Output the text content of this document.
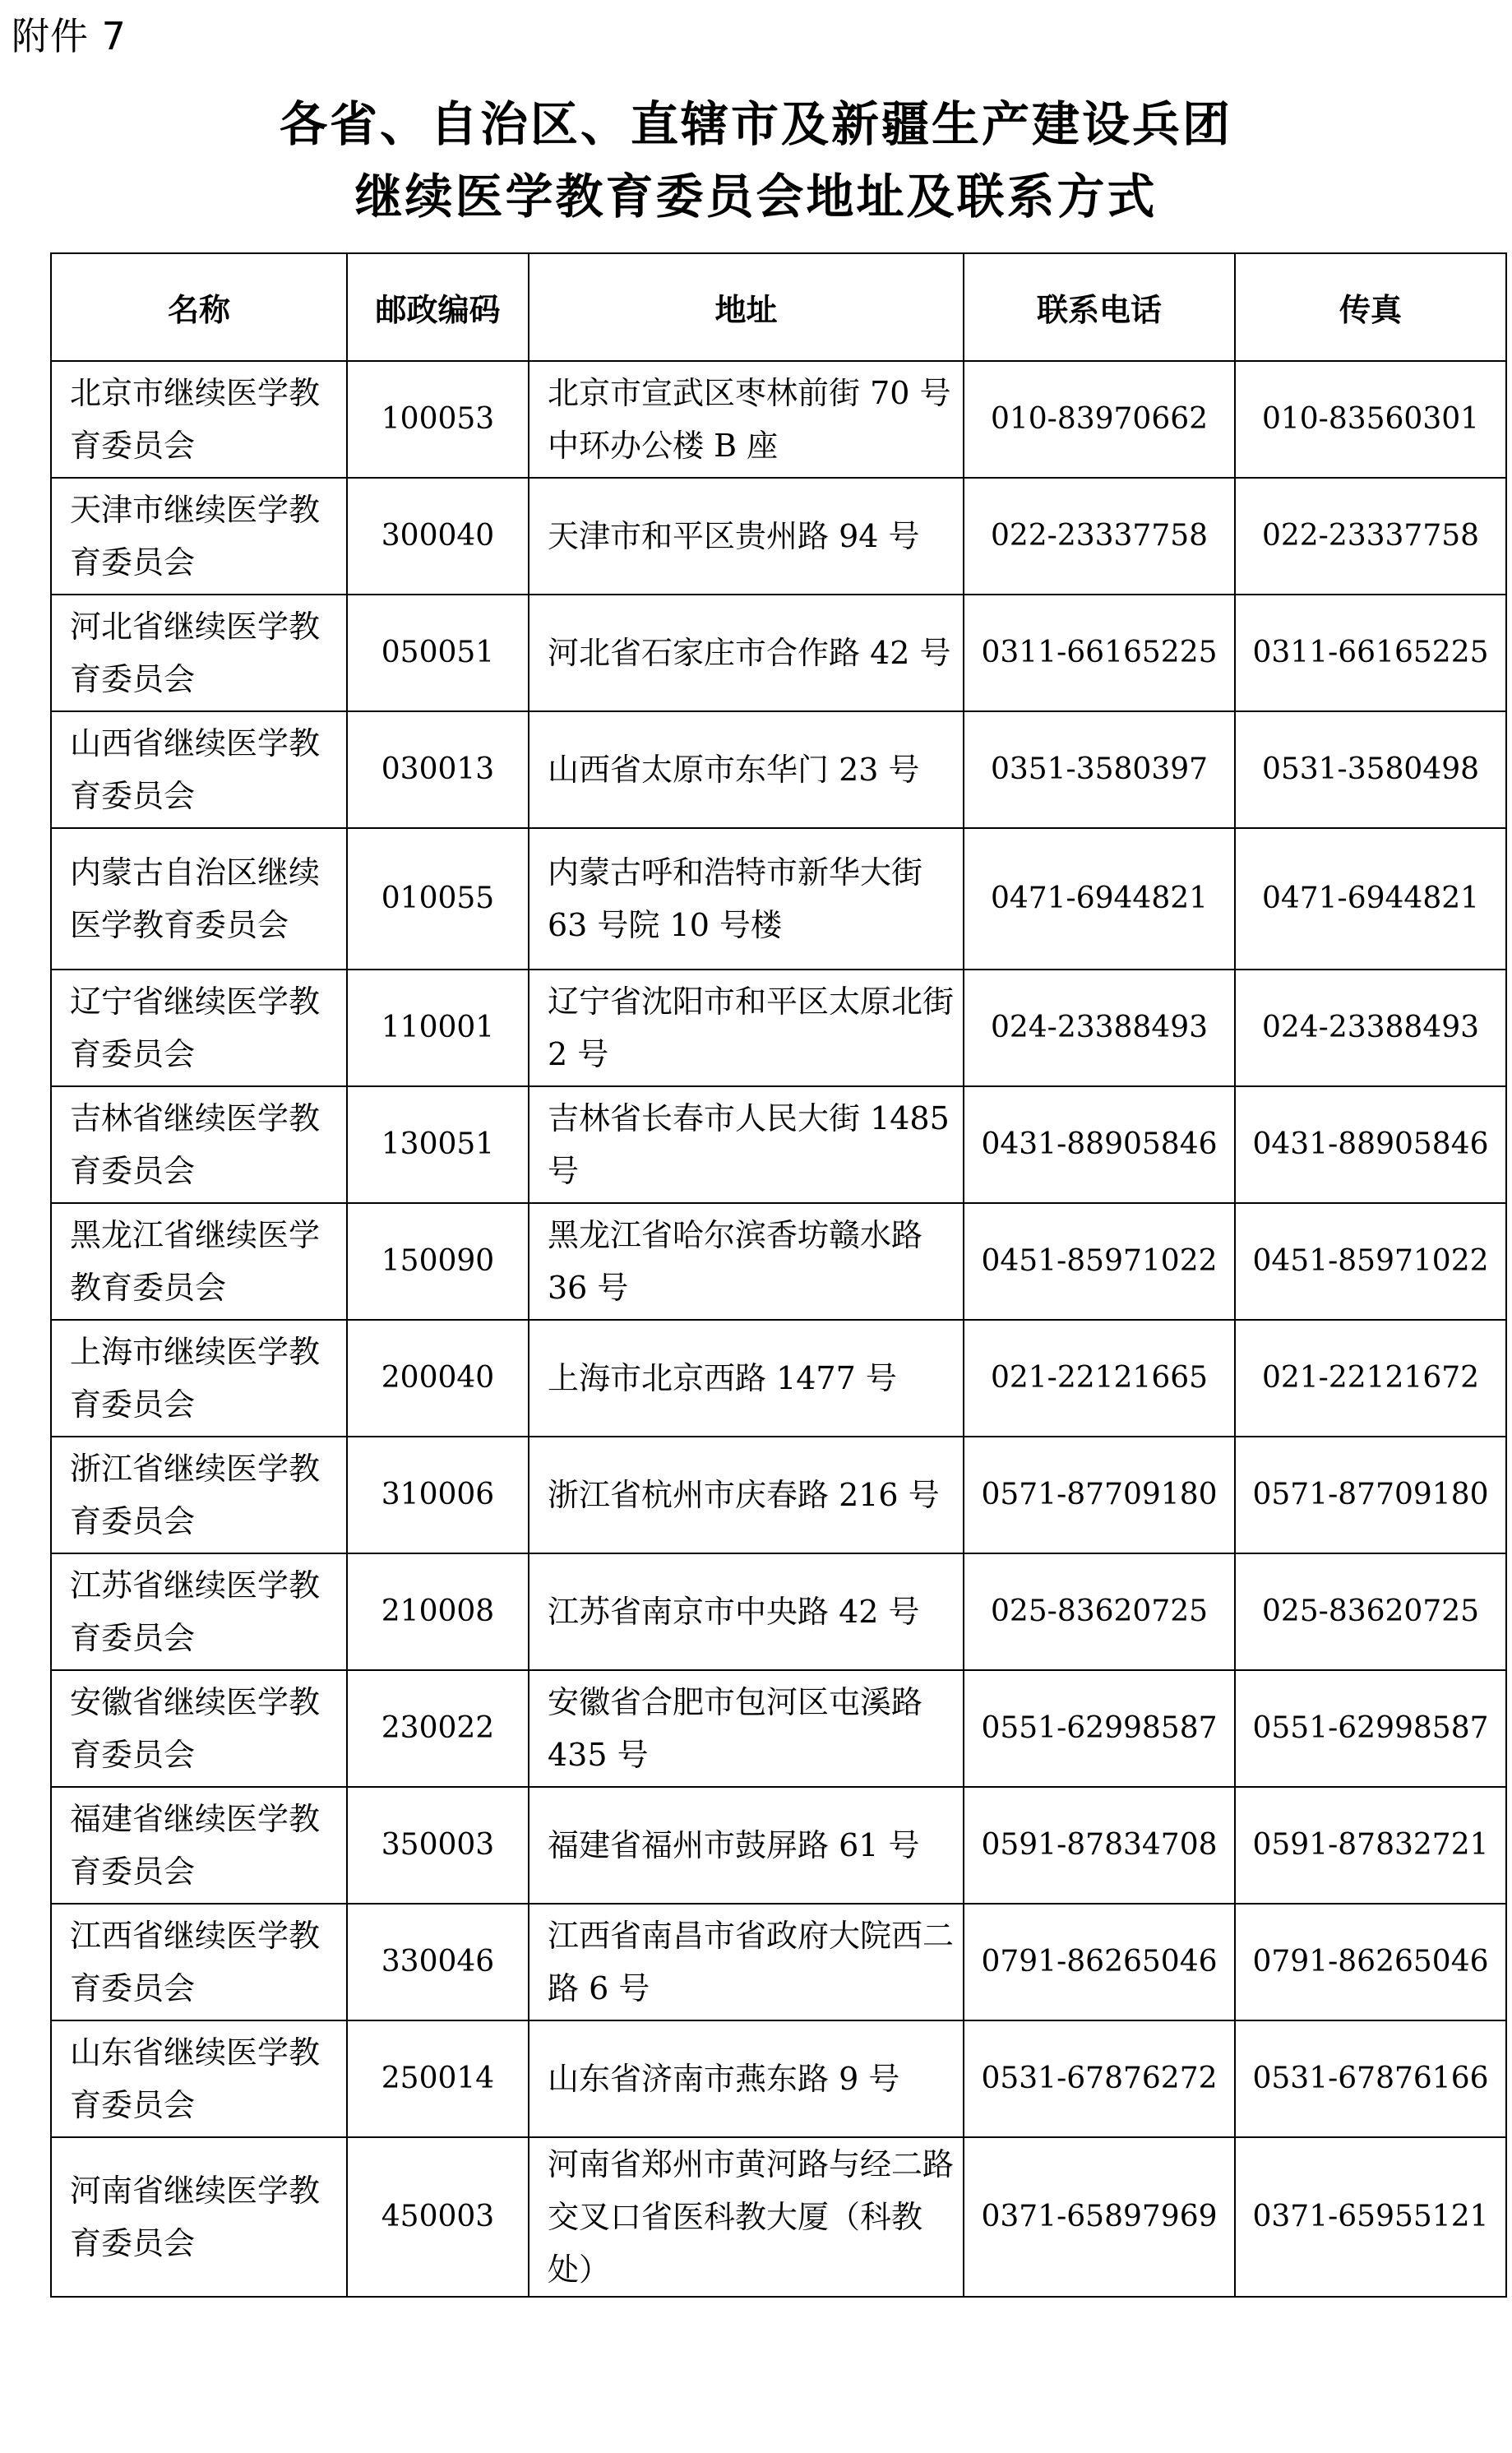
附件 7
各省、自治区、直辖市及新疆生产建设兵团
继续医学教育委员会地址及联系方式
名称	邮政编码	地址	联系电话	传真
北京市继续医学教育委员会	100053	北京市宣武区枣林前街 70 号中环办公楼 B 座	010-83970662	010-83560301
天津市继续医学教育委员会	300040	天津市和平区贵州路 94 号	022-23337758	022-23337758
河北省继续医学教育委员会	050051	河北省石家庄市合作路 42 号	0311-66165225	0311-66165225
山西省继续医学教育委员会	030013	山西省太原市东华门 23 号	0351-3580397	0531-3580498
内蒙古自治区继续医学教育委员会	010055	内蒙古呼和浩特市新华大街 63 号院 10 号楼	0471-6944821	0471-6944821
辽宁省继续医学教育委员会	110001	辽宁省沈阳市和平区太原北街 2 号	024-23388493	024-23388493
吉林省继续医学教育委员会	130051	吉林省长春市人民大街 1485 号	0431-88905846	0431-88905846
黑龙江省继续医学教育委员会	150090	黑龙江省哈尔滨香坊赣水路 36 号	0451-85971022	0451-85971022
上海市继续医学教育委员会	200040	上海市北京西路 1477 号	021-22121665	021-22121672
浙江省继续医学教育委员会	310006	浙江省杭州市庆春路 216 号	0571-87709180	0571-87709180
江苏省继续医学教育委员会	210008	江苏省南京市中央路 42 号	025-83620725	025-83620725
安徽省继续医学教育委员会	230022	安徽省合肥市包河区屯溪路 435 号	0551-62998587	0551-62998587
福建省继续医学教育委员会	350003	福建省福州市鼓屏路 61 号	0591-87834708	0591-87832721
江西省继续医学教育委员会	330046	江西省南昌市省政府大院西二路 6 号	0791-86265046	0791-86265046
山东省继续医学教育委员会	250014	山东省济南市燕东路 9 号	0531-67876272	0531-67876166
河南省继续医学教育委员会	450003	河南省郑州市黄河路与经二路交叉口省医科教大厦（科教处）	0371-65897969	0371-65955121
